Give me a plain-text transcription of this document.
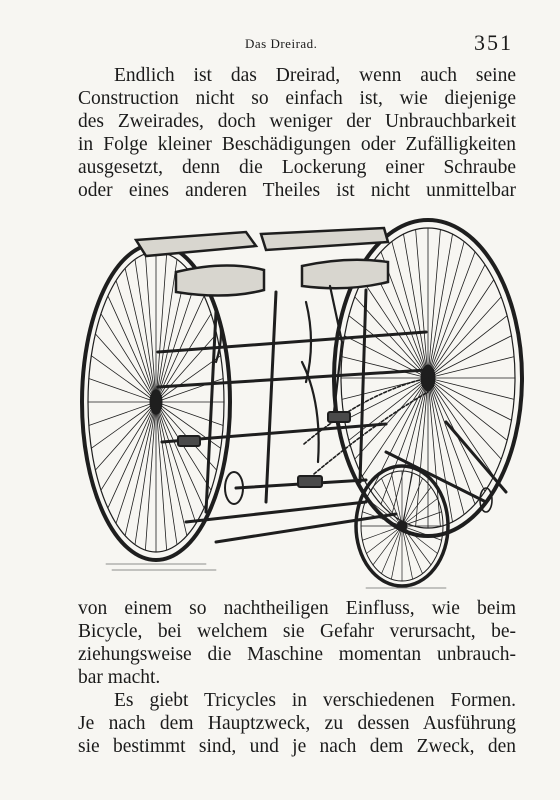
Das Dreirad.	351
Endlich ist das Dreirad, wenn auch seine
Construction nicht so einfach ist, wie diejenige
des Zweirades, doch weniger der Unbrauchbarkeit
in Folge kleiner Beschädigungen oder Zufälligkeiten
ausgesetzt, denn die Lockerung einer Schraube
oder eines anderen Theiles ist nicht unmittelbar
von einem so nachtheiligen Einfluss, wie beim
Bicycle, bei welchem sie Gefahr verursacht, be-
ziehungsweise die Maschine momentan unbrauch-
bar macht.
Es giebt Tricycles in verschiedenen Formen.
Je nach dem Hauptzweck, zu dessen Ausführung
sie bestimmt sind, und je nach dem Zweck, den
